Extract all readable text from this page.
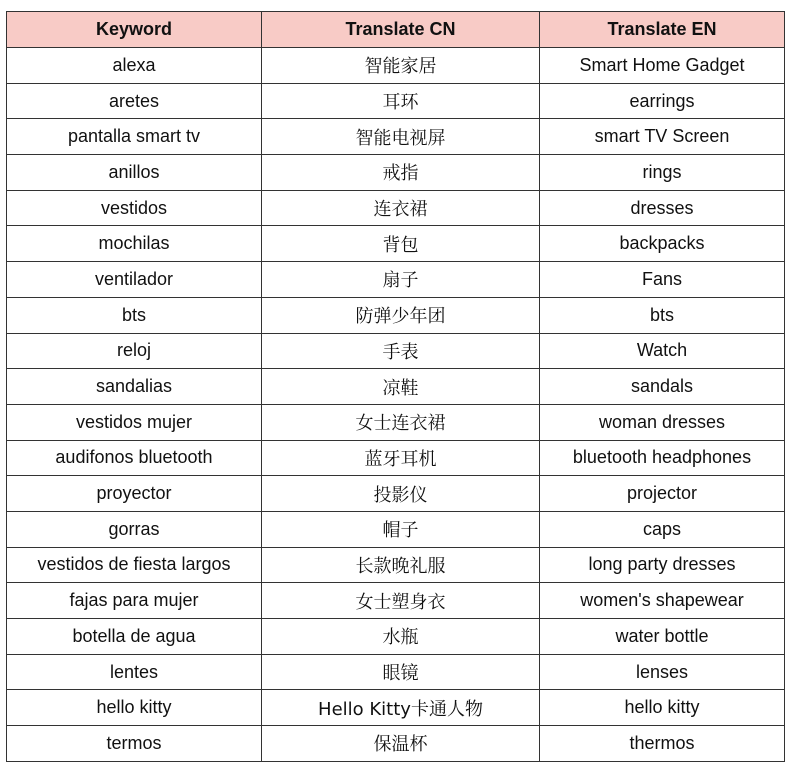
Keyword	Translate CN	Translate EN
alexa	智能家居	Smart Home Gadget
aretes	耳环	earrings
pantalla smart tv	智能电视屏	smart TV Screen
anillos	戒指	rings
vestidos	连衣裙	dresses
mochilas	背包	backpacks
ventilador	扇子	Fans
bts	防弹少年团	bts
reloj	手表	Watch
sandalias	凉鞋	sandals
vestidos mujer	女士连衣裙	woman dresses
audifonos bluetooth	蓝牙耳机	bluetooth headphones
proyector	投影仪	projector
gorras	帽子	caps
vestidos de fiesta largos	长款晚礼服	long party dresses
fajas para mujer	女士塑身衣	women's shapewear
botella de agua	水瓶	water bottle
lentes	眼镜	lenses
hello kitty	Hello Kitty卡通人物	hello kitty
termos	保温杯	thermos
